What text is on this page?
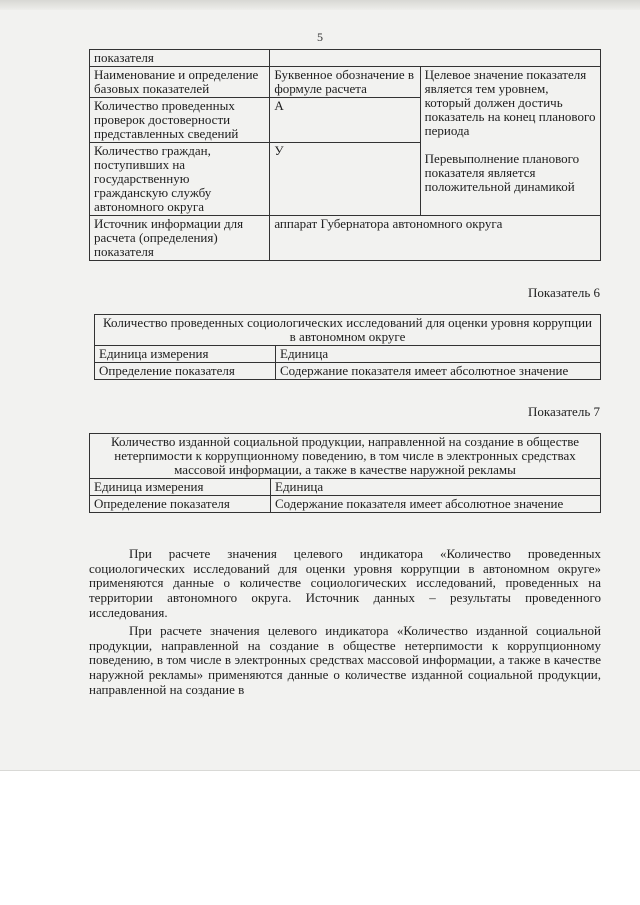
5
показателя		
Наименование и определение базовых показателей	Буквенное обозначение в формуле расчета	Целевое значение показателя является тем уровнем, который должен достичь показатель на конец планового периода
Перевыполнение планового показателя является положительной динамикой

Количество проведенных проверок достоверности представленных сведений	А	
Количество граждан, поступивших на государственную гражданскую службу автономного округа	У	
Источник информации для расчета (определения) показателя	аппарат Губернатора автономного округа	
Показатель 6
Количество проведенных социологических исследований для оценки уровня коррупции в автономном округе	
Единица измерения	Единица
Определение показателя	Содержание показателя имеет абсолютное значение
Показатель 7
Количество изданной социальной продукции, направленной на создание в обществе нетерпимости к коррупционному поведению, в том числе в электронных средствах массовой информации, а также в качестве наружной рекламы	
Единица измерения	Единица
Определение показателя	Содержание показателя имеет абсолютное значение

При расчете значения целевого индикатора «Количество проведенных социологических исследований для оценки уровня коррупции в автономном округе» применяются данные о количестве социологических исследований, проведенных на территории автономного округа. Источник данных – результаты проведенного исследования.

При расчете значения целевого индикатора «Количество изданной социальной продукции, направленной на создание в обществе нетерпимости к коррупционному поведению, в том числе в электронных средствах массовой информации, а также в качестве наружной рекламы» применяются данные о количестве изданной социальной продукции, направленной на создание в
